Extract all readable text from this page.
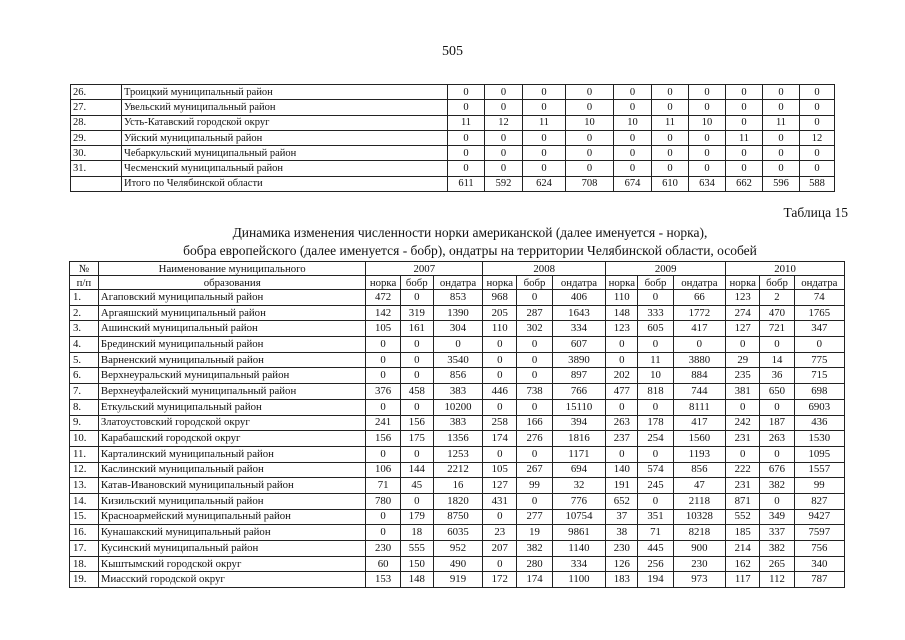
505
26.	Троицкий муниципальный район	0	0	0	0	0	0	0	0	0	0
27.	Увельский муниципальный район	0	0	0	0	0	0	0	0	0	0
28.	Усть-Катавский городской округ	11	12	11	10	10	11	10	0	11	0
29.	Уйский муниципальный район	0	0	0	0	0	0	0	11	0	12
30.	Чебаркульский муниципальный район	0	0	0	0	0	0	0	0	0	0
31.	Чесменский муниципальный район	0	0	0	0	0	0	0	0	0	0
	Итого по Челябинской области	611	592	624	708	674	610	634	662	596	588
Таблица 15
Динамика изменения численности норки американской (далее именуется - норка),
бобра европейского (далее именуется - бобр), ондатры на территории Челябинской области, особей
№	Наименование муниципального	2007			2008			2009			2010		
п/п	образования	норка	бобр	ондатра	норка	бобр	ондатра	норка	бобр	ондатра	норка	бобр	ондатра
1.	Агаповский муниципальный район	472	0	853	968	0	406	110	0	66	123	2	74
2.	Аргаяшский муниципальный район	142	319	1390	205	287	1643	148	333	1772	274	470	1765
3.	Ашинский муниципальный район	105	161	304	110	302	334	123	605	417	127	721	347
4.	Брединский муниципальный район	0	0	0	0	0	607	0	0	0	0	0	0
5.	Варненский муниципальный район	0	0	3540	0	0	3890	0	11	3880	29	14	775
6.	Верхнеуральский муниципальный район	0	0	856	0	0	897	202	10	884	235	36	715
7.	Верхнеуфалейский муниципальный район	376	458	383	446	738	766	477	818	744	381	650	698
8.	Еткульский муниципальный район	0	0	10200	0	0	15110	0	0	8111	0	0	6903
9.	Златоустовский городской округ	241	156	383	258	166	394	263	178	417	242	187	436
10.	Карабашский городской округ	156	175	1356	174	276	1816	237	254	1560	231	263	1530
11.	Карталинский муниципальный район	0	0	1253	0	0	1171	0	0	1193	0	0	1095
12.	Каслинский муниципальный район	106	144	2212	105	267	694	140	574	856	222	676	1557
13.	Катав-Ивановский муниципальный район	71	45	16	127	99	32	191	245	47	231	382	99
14.	Кизильский муниципальный район	780	0	1820	431	0	776	652	0	2118	871	0	827
15.	Красноармейский муниципальный район	0	179	8750	0	277	10754	37	351	10328	552	349	9427
16.	Кунашакский муниципальный район	0	18	6035	23	19	9861	38	71	8218	185	337	7597
17.	Кусинский муниципальный район	230	555	952	207	382	1140	230	445	900	214	382	756
18.	Кыштымский городской округ	60	150	490	0	280	334	126	256	230	162	265	340
19.	Миасский городской округ	153	148	919	172	174	1100	183	194	973	117	112	787
